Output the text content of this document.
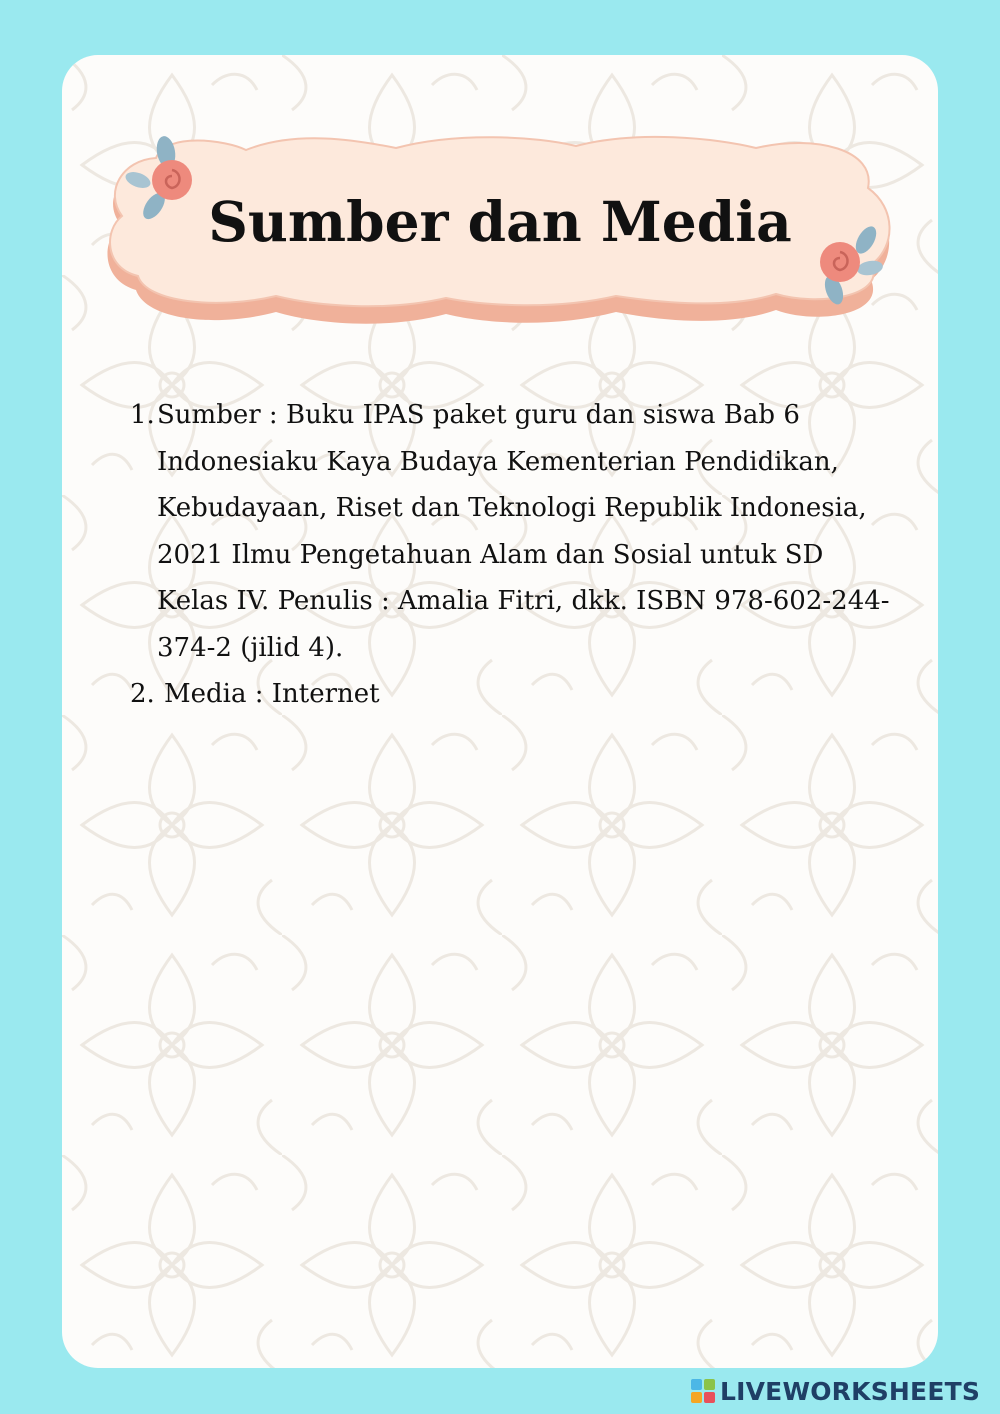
Sumber dan Media
1. Sumber : Buku IPAS paket guru dan siswa Bab 6 Indonesiaku Kaya Budaya Kementerian Pendidikan, Kebudayaan, Riset dan Teknologi Republik Indonesia, 2021 Ilmu Pengetahuan Alam dan Sosial untuk SD Kelas IV. Penulis : Amalia Fitri, dkk. ISBN 978-602-244-374-2 (jilid 4).
2. Media : Internet
LIVEWORKSHEETS
